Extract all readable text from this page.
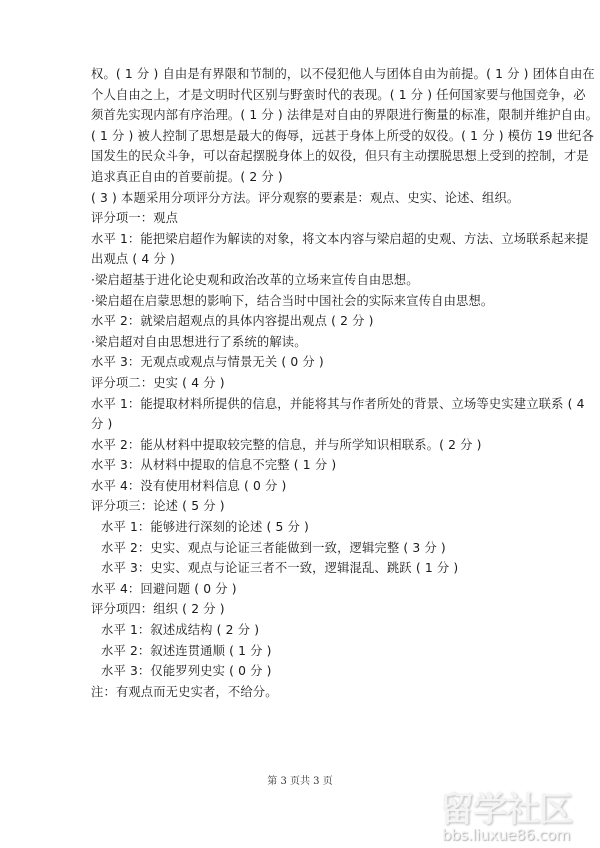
权。( 1 分 ) 自由是有界限和节制的，以不侵犯他人与团体自由为前提。( 1 分 ) 团体自由在
个人自由之上，才是文明时代区别与野蛮时代的表现。( 1 分 ) 任何国家要与他国竞争，必
须首先实现内部有序治理。( 1 分 ) 法律是对自由的界限进行衡量的标准，限制并维护自由。
( 1 分 ) 被人控制了思想是最大的侮辱，远甚于身体上所受的奴役。( 1 分 ) 模仿 19 世纪各
国发生的民众斗争，可以奋起摆脱身体上的奴役，但只有主动摆脱思想上受到的控制，才是
追求真正自由的首要前提。( 2 分 )
( 3 ) 本题采用分项评分方法。评分观察的要素是：观点、史实、论述、组织。
评分项一：观点
水平 1：能把梁启超作为解读的对象，将文本内容与梁启超的史观、方法、立场联系起来提
出观点 ( 4 分 )
·梁启超基于进化论史观和政治改革的立场来宣传自由思想。
·梁启超在启蒙思想的影响下，结合当时中国社会的实际来宣传自由思想。
水平 2：就梁启超观点的具体内容提出观点 ( 2 分 )
·梁启超对自由思想进行了系统的解读。
水平 3：无观点或观点与情景无关 ( 0 分 )
评分项二：史实 ( 4 分 )
水平 1：能提取材料所提供的信息，并能将其与作者所处的背景、立场等史实建立联系 ( 4
分 )
水平 2：能从材料中提取较完整的信息，并与所学知识相联系。( 2 分 )
水平 3：从材料中提取的信息不完整 ( 1 分 )
水平 4：没有使用材料信息 ( 0 分 )
评分项三：论述 ( 5 分 )
水平 1：能够进行深刻的论述 ( 5 分 )
水平 2：史实、观点与论证三者能做到一致，逻辑完整 ( 3 分 )
水平 3：史实、观点与论证三者不一致，逻辑混乱、跳跃 ( 1 分 )
水平 4：回避问题 ( 0 分 )
评分项四：组织 ( 2 分 )
水平 1：叙述成结构 ( 2 分 )
水平 2：叙述连贯通顺 ( 1 分 )
水平 3：仅能罗列史实 ( 0 分 )
注：有观点而无史实者，不给分。
第 3 页共 3 页
留学社区
bbs.liuxue86.com
